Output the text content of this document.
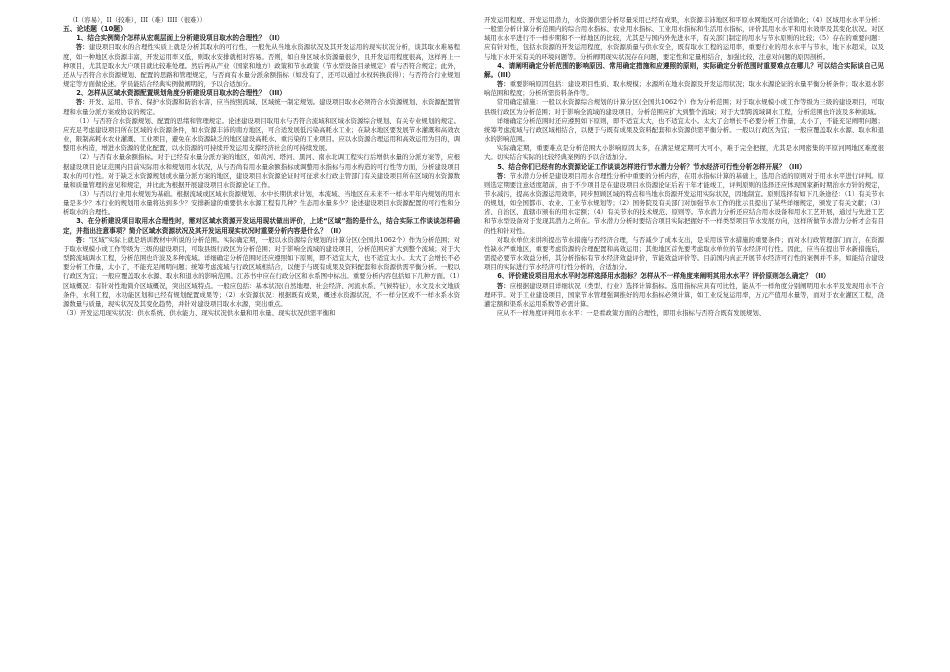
（I（容易），II（较难），III（难）IIII（很难））

五、论述题（10题）

1、结合实例简介怎样从宏观层面上分析建设项目取水的合理性？（II）

答：建设项目取水的合理性实质上就是分析其取水的可行性，一般先从当地水资源状况及其开发运用的现实状况分析，谈其取水难易程度，如一种地区水资源丰富，开发运用率又低，则取水安排就相对容易。否则，如自身区域水资源量很少，且开发运用程度很高，这样再上一种项目，尤其是取水大户项目就比较难处理。然后再从产业（国家和地方）政策和节水政策（节水型设备目录规定）看与否符合规定；此外，还从与否符合水资源规划、配置的思路和管理规定，与否商有水量分派余额指标（如没有了，还可以通过水权转换获得）；与否符合行业规划规定等方面做论述。学员能结合经典实例做阐明的，予以合适加分。

2、怎样从区域水资源配置规划角度分析建设项目取水的合理性？（III）

答：开发、运用、节省、保护水资源和防治水害，应当按照流域、区域统一制定规划。建设项目取水必须符合水资源规划、水资源配置管理和水量分派方案或协议的规定。

（1）与否符合水资源规划、配置的思绪和管理规定。论述建设项目取用水与否符合流域和区域水资源综合规划、有关专业规划的规定。应充足考虑建设项目所在区域的水资源条件，如水资源丰沛的南方地区，可合适发展低污染高耗水工业；在缺水地区要发展节水灌溉和高效农业，限制高耗水农业灌溉、工业项目，避免在水资源缺乏的地区建设高耗水、重污染的工业项目。应以水资源合理运用和高效运用为目的，调整用水构造，增进水资源的优化配置，以水资源的可持续开发运用支撑经济社会的可持续发展。

（2）与否有水量余额指标。对于已经有水量分派方案的地区，如黄河、塔河、黑河、南水北调工程实行后增供水量的分派方案等，应根据建设项目论证范围内目前实际用水和规划用水状况，从与否尚有用水量余额指标或调整用水指标与用水构造的可行性等方面，分析建设项目取水的可行性。对于缺乏水资源规划或水量分派方案的地区，建设项目水资源论证时可征求水行政主管部门有关建设项目所在区域的水资源数量和质量管理的意见和规定，并比此为根据开展建设项目水资源论证工作。

（3）与否以行业用水规划为基础。根据流域或区域水资源规划、水中长期供求计划，本流域、当地区在未来不一样水平年内规划的用水量是多少？本行业的规划用水量将达到多少？安排新建的重要供水水源工程有几种？生态用水量多少？论述建设项目水资源配置的可行性和分析取水的合理性。

3、在分析建设项目取用水合理性时，需对区域水资源开发运用现状做出评价，上述“区域”指的是什么，结合实际工作谈谈怎样确定，并指出注意事项？简介区域水资源状况及其开发运用现实状况时重要分析内容是什么？（II）

答：“区域”实际上就是培训教材中所说的分析范围。实际确定期，一般以水资源综合规划的计算分区(全国共1062个）作为分析范围；对于取水规模小或工作等级为三级的建设项目，可取县级行政区为分析范围；对于影响全流域的建设项目，分析范围应扩大到整个流域；对于大型跨流域调水工程，分析范围也许波及多种流域。详细确定分析范围时还应遵照如下原则，即不适宜太大，也不适宜太小。太大了会增长不必要分析工作量，太小了，不能充足阐明问题；统筹考虑流域与行政区域相结合，以便于与既有成果及资料配套和水资源供需平衡分析。一般以行政区为宜；一般应覆盖取水水源、取水和退水的影响范围。江苏书中应在行政分区和水系图中标出。重要分析内容包括如下几种方面。（1）区域概况：有针对性地简介区域概况，突出区域特点。一般应包括：基本状况(自然地理、社会经济、河流水系、气候特征），水文及水文地质条件，水利工程，水功能区划和已经有规划配置成果等；（2）水资源状况：根据既有成果，概述水资源状况，不一样分区或不一样水系水资源数量与质量，现实状况及其变化趋势，并针对建设项目取水水源，突出重点。

（3）开发运用现实状况：供水系统、供水能力、现实状况供水量和用水量、现实状况供需平衡和

开发运用程度、开发运用潜力，水资源供需分析尽量采用已经有成果，水资源丰沛地区和平原水网地区可合适简化；（4）区域用水水平分析：一般需分析计算分析范围内的综合用水指标、农业用水指标、工业用水指标和生活用水指标，评价其用水水平和用水效率及其变化状况。对区域用水水平进行不一样步期和不一样地区的比较，尤其是与国内外先进水平，有关部门制定的用水与节水原则的比较；（5）存在的重要问题：应有针对性，包括水资源的开发运用程度，水资源质量与供水安全，既有取水工程的运用率，重要行业的用水水平与节水，地下水超采，以及与地下水开采有关的环境问题等。分析阐明现实状况存在问题，要定性和定量相结合，加强比较，注意对问题的原因剖析。

4、请阐明确定分析范围的影响原因、常用确定措施和应遵照的原则，实际确定分析范围时重要难点在哪儿？可以结合实际谈自己见解。（III）

答：重要影响原因包括：建设项目性质、取水规模；水源所在地水资源及开发运用状况；取水水源论证的水量平衡分析条件；取水退水影响范围和程度；分析所需资料条件等。

常用确定措施：一般以水资源综合规划的计算分区(全国共1062个）作为分析范围；对于取水规模小或工作等级为三级的建设项目，可取县级行政区为分析范围；对于影响全流域的建设项目，分析范围应扩大到整个流域；对于大型跨流域调水工程，分析范围也许波及多种流域。

详细确定分析范围时还应遵照如下原则，即不适宜太大，也不适宜太小。太大了会增长不必要分析工作量，太小了，不能充足阐明问题；统筹考虑流域与行政区域相结合，以便于与既有成果及资料配套和水资源供需平衡分析。一般以行政区为宜；一般应覆盖取水水源、取水和退水的影响范围。

实际确定期，重要难点是分析范围大小影响原因太多，在满足规定期可大可小，难于完全把握，尤其是水网密集的平原河网地区难度很大。切实结合实际的比较经典案例的予以合适加分。

5、结合你们已经有的水资源论证工作谈谈怎样进行节水潜力分析？节水经济可行性分析怎样开展？（III）

答：节水潜力分析是建设项目用水合理性分析中重要的分析内容，在用水指标计算的基础上，选用合适的原则对于用水水平进行评判。原则选定期要注意适度超前，由于不少项目是在建设项目水资源论证后若干年才能竣工，评判原则的选择还应体现国家新时期治水方针的规定，节水减污，提高水资源运用效率，同步照顾区域的特点和当地水资源开发运用实际状况，因地制宜。原则选择有如下几条途径：（1）有关节水的规划，如全国都市、农业、工业节水规划等；（2）国务院及有关部门对加强节水工作的批示且提出了某些详细规定，颁发了有关文献；（3）省、自治区、直辖市颁布的用水定额；（4）有关节水的技术规范、原则等。节水潜力分析还应结合用水设备和用水工艺开展，通过与先进工艺和节水型设备对于发现其潜力之所在。节水潜力分析时要结合项目实际把握好不一样类型项目节水发展方向，这样所做节水潜力分析才会有目的性和针对性。

对取水单位来讲所提出节水措施与否经济合理，与否减少了成本支出，是采用该节水措施的重要条件；而对水行政管理部门而言，在资源性缺水严重地区，重要考虑资源的合理配置和高效运用；其他地区首先要考虑取水单位的节水经济可行性。因此，应当在提出节水新措施后，需提必要节水效益分析，其分析指标有节水经济效益评价，节能效益评价等。目前国内真正开展节水经济可行性的案例并不多，如能结合建设项目的实际进行节水经济可行性分析的，合适加分。

6、评价建设项目用水水平时怎样选择用水指标？怎样从不一样角度来阐明其用水水平？评价原则怎么确定？（II）

答：应根据建设项目详细状况（类型、行业）选择计算指标。选用指标应具有可比性，能从不一样角度分别阐明用水水平及发现用水不合理环节。对于工业建设项目，国家节水管理强调推好的用水指标必须计算，如工业反复运用率，万元产值用水量等，而对于农业灌区工程，浇灌定额和渠系水运用系数等必需计算。

应从不一样角度评判用水水平：一是看政策方面的合理性，即用水指标与否符合既有发展规划、
